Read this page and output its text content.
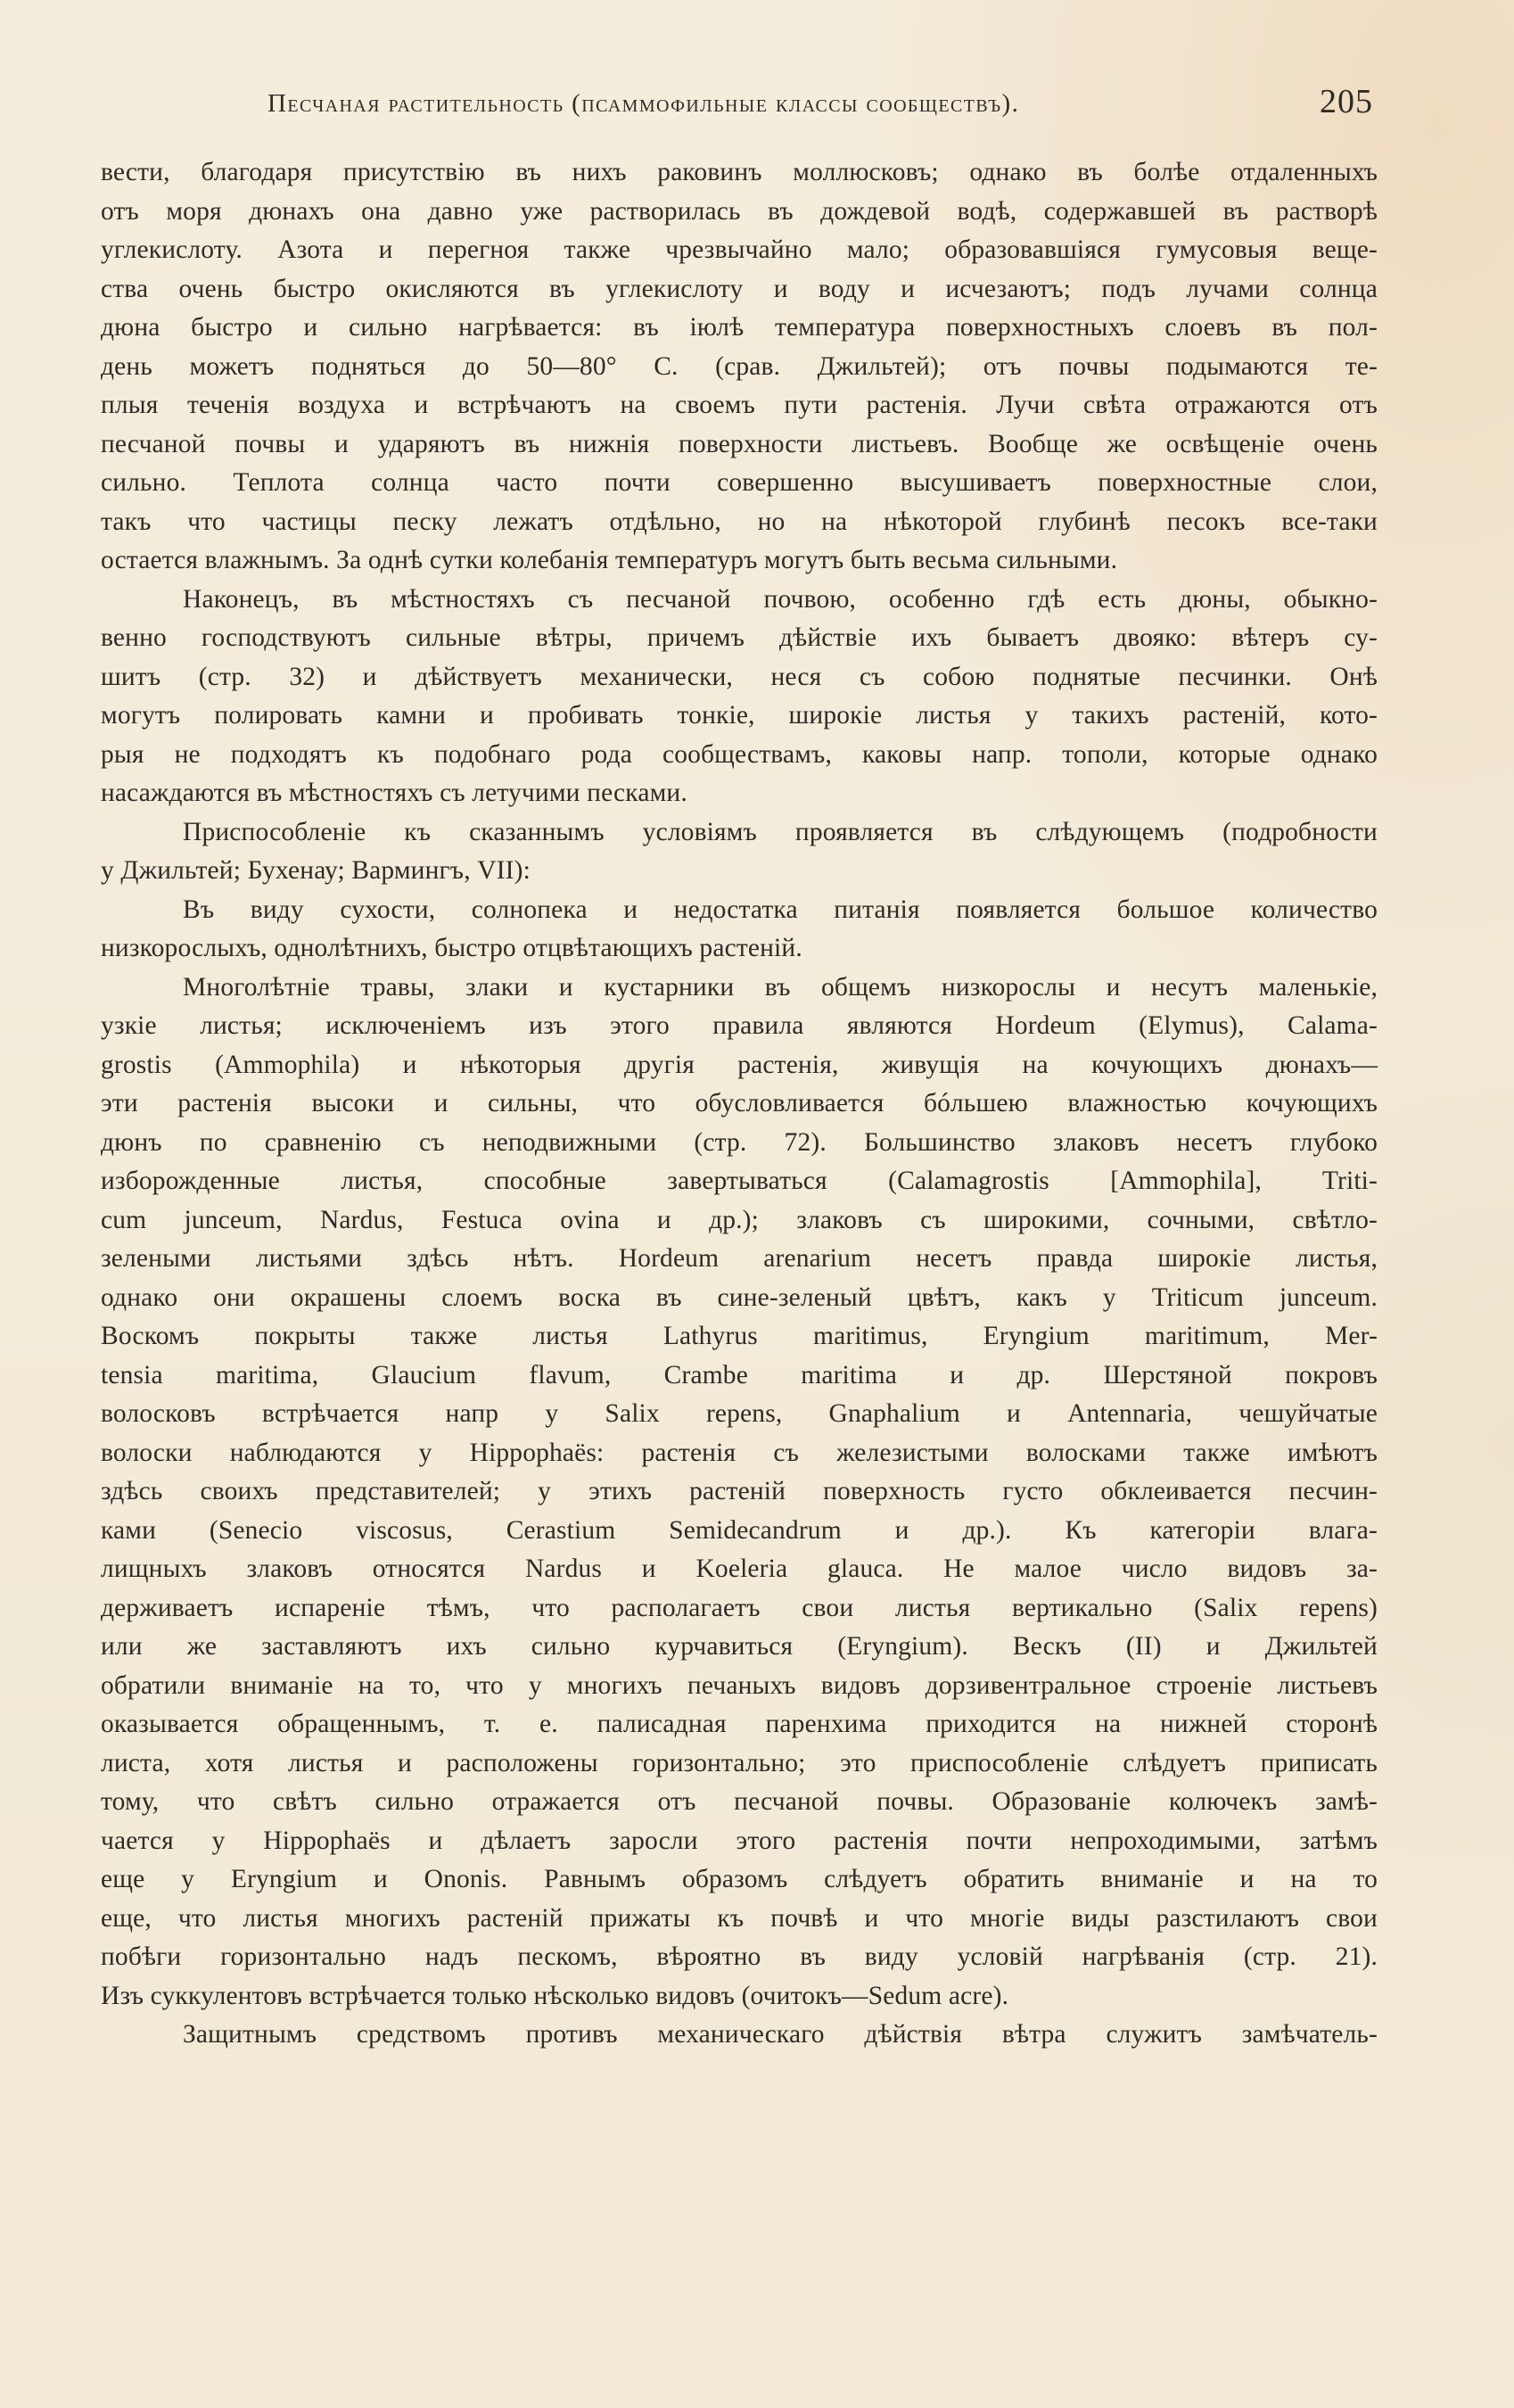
Песчаная растительность (псаммофильные классы сообществъ).	205
вести, благодаря присутствію въ нихъ раковинъ моллюсковъ; однако въ болѣе отдаленныхъ
отъ моря дюнахъ она давно уже растворилась въ дождевой водѣ, содержавшей въ растворѣ
углекислоту. Азота и перегноя также чрезвычайно мало; образовавшіяся гумусовыя веще-
ства очень быстро окисляются въ углекислоту и воду и исчезаютъ; подъ лучами солнца
дюна быстро и сильно нагрѣвается: въ іюлѣ температура поверхностныхъ слоевъ въ пол-
день можетъ подняться до 50—80° С. (срав. Джильтей); отъ почвы подымаются те-
плыя теченія воздуха и встрѣчаютъ на своемъ пути растенія. Лучи свѣта отражаются отъ
песчаной почвы и ударяютъ въ нижнія поверхности листьевъ. Вообще же освѣщеніе очень
сильно. Теплота солнца часто почти совершенно высушиваетъ поверхностные слои,
такъ что частицы песку лежатъ отдѣльно, но на нѣкоторой глубинѣ песокъ все-таки
остается влажнымъ. За однѣ сутки колебанія температуръ могутъ быть весьма сильными.
Наконецъ, въ мѣстностяхъ съ песчаной почвою, особенно гдѣ есть дюны, обыкно-
венно господствуютъ сильные вѣтры, причемъ дѣйствіе ихъ бываетъ двояко: вѣтеръ су-
шитъ (стр. 32) и дѣйствуетъ механически, неся съ собою поднятые песчинки. Онѣ
могутъ полировать камни и пробивать тонкіе, широкіе листья у такихъ растеній, кото-
рыя не подходятъ къ подобнаго рода сообществамъ, каковы напр. тополи, которые однако
насаждаются въ мѣстностяхъ съ летучими песками.
Приспособленіе къ сказаннымъ условіямъ проявляется въ слѣдующемъ (подробности
у Джильтей; Бухенау; Вармингъ, VII):
Въ виду сухости, солнопека и недостатка питанія появляется большое количество
низкорослыхъ, однолѣтнихъ, быстро отцвѣтающихъ растеній.
Многолѣтніе травы, злаки и кустарники въ общемъ низкорослы и несутъ маленькіе,
узкіе листья; исключеніемъ изъ этого правила являются Hordeum (Elymus), Calama-
grostis (Ammophila) и нѣкоторыя другія растенія, живущія на кочующихъ дюнахъ—
эти растенія высоки и сильны, что обусловливается бóльшею влажностью кочующихъ
дюнъ по сравненію съ неподвижными (стр. 72). Большинство злаковъ несетъ глубоко
изборожденные листья, способные завертываться (Calamagrostis [Ammophila], Triti-
cum junceum, Nardus, Festuca ovina и др.); злаковъ съ широкими, сочными, свѣтло-
зелеными листьями здѣсь нѣтъ. Hordeum arenarium несетъ правда широкіе листья,
однако они окрашены слоемъ воска въ сине-зеленый цвѣтъ, какъ у Triticum junceum.
Воскомъ покрыты также листья Lathyrus maritimus, Eryngium maritimum, Mer-
tensia maritima, Glaucium flavum, Crambe maritima и др. Шерстяной покровъ
волосковъ встрѣчается напр у Salix repens, Gnaphalium и Antennaria, чешуйчатые
волоски наблюдаются у Hippophaës: растенія съ железистыми волосками также имѣютъ
здѣсь своихъ представителей; у этихъ растеній поверхность густо обклеивается песчин-
ками (Senecio viscosus, Cerastium Semidecandrum и др.). Къ категоріи влага-
лищныхъ злаковъ относятся Nardus и Koeleria glauca. Не малое число видовъ за-
держиваетъ испареніе тѣмъ, что располагаетъ свои листья вертикально (Salix repens)
или же заставляютъ ихъ сильно курчавиться (Eryngium). Вескъ (II) и Джильтей
обратили вниманіе на то, что у многихъ печаныхъ видовъ дорзивентральное строеніе листьевъ
оказывается обращеннымъ, т. е. палисадная паренхима приходится на нижней сторонѣ
листа, хотя листья и расположены горизонтально; это приспособленіе слѣдуетъ приписать
тому, что свѣтъ сильно отражается отъ песчаной почвы. Образованіе колючекъ замѣ-
чается у Hippophaës и дѣлаетъ заросли этого растенія почти непроходимыми, затѣмъ
еще у Eryngium и Ononis. Равнымъ образомъ слѣдуетъ обратить вниманіе и на то
еще, что листья многихъ растеній прижаты къ почвѣ и что многіе виды разстилаютъ свои
побѣги горизонтально надъ пескомъ, вѣроятно въ виду условій нагрѣванія (стр. 21).
Изъ суккулентовъ встрѣчается только нѣсколько видовъ (очитокъ—Sedum acre).
Защитнымъ средствомъ противъ механическаго дѣйствія вѣтра служитъ замѣчатель-
